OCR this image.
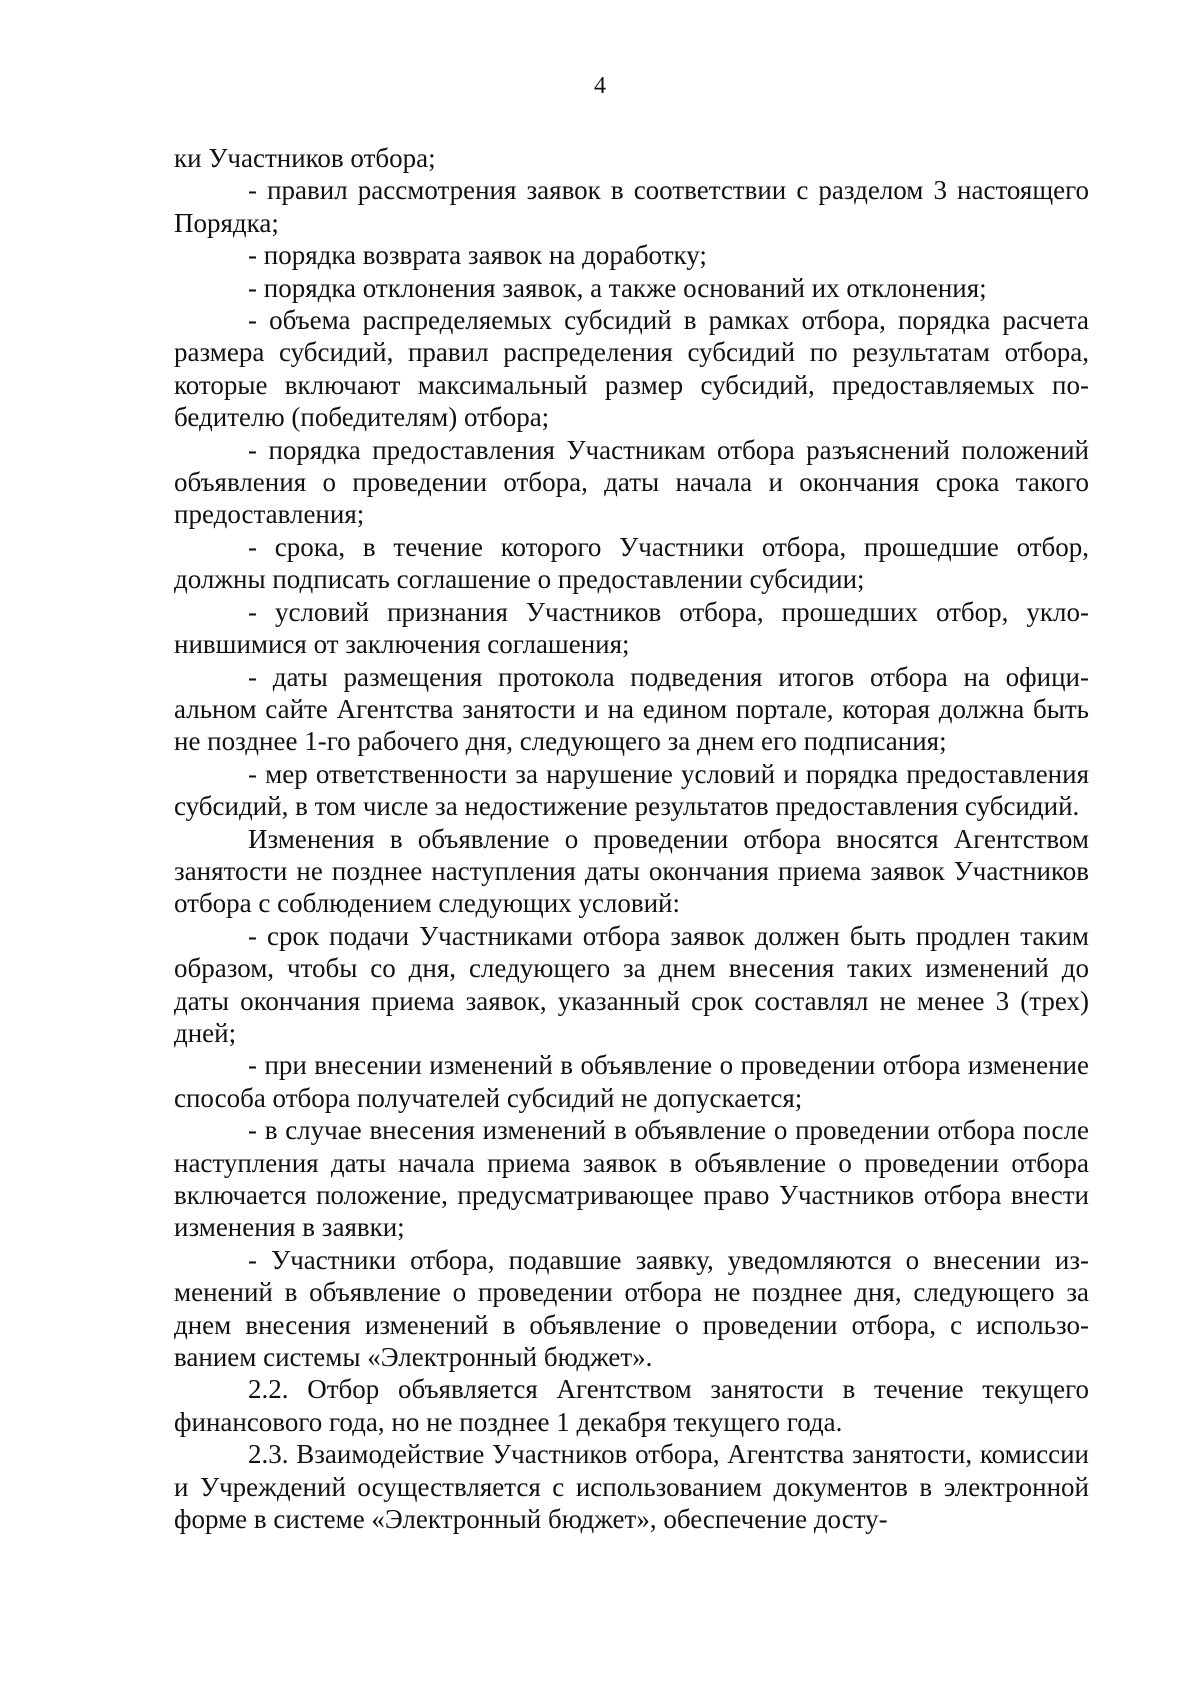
4

ки Участников отбора;

- правил рассмотрения заявок в соответствии с разделом 3 настоящего Порядка;

- порядка возврата заявок на доработку;

- порядка отклонения заявок, а также оснований их отклонения;

- объема распределяемых субсидий в рамках отбора, порядка расчета размера субсидий, правил распределения субсидий по результатам отбора, которые включают максимальный размер субсидий, предоставляемых победителю (победителям) отбора;

- порядка предоставления Участникам отбора разъяснений положений объявления о проведении отбора, даты начала и окончания срока такого предоставления;

- срока, в течение которого Участники отбора, прошедшие отбор, должны подписать соглашение о предоставлении субсидии;

- условий признания Участников отбора, прошедших отбор, уклонившимися от заключения соглашения;

- даты размещения протокола подведения итогов отбора на официальном сайте Агентства занятости и на едином портале, которая должна быть не позднее 1-го рабочего дня, следующего за днем его подписания;

- мер ответственности за нарушение условий и порядка предоставления субсидий, в том числе за недостижение результатов предоставления субсидий.

Изменения в объявление о проведении отбора вносятся Агентством занятости не позднее наступления даты окончания приема заявок Участников отбора с соблюдением следующих условий:

- срок подачи Участниками отбора заявок должен быть продлен таким образом, чтобы со дня, следующего за днем внесения таких изменений до даты окончания приема заявок, указанный срок составлял не менее 3 (трех) дней;

- при внесении изменений в объявление о проведении отбора изменение способа отбора получателей субсидий не допускается;

- в случае внесения изменений в объявление о проведении отбора после наступления даты начала приема заявок в объявление о проведении отбора включается положение, предусматривающее право Участников отбора внести изменения в заявки;

- Участники отбора, подавшие заявку, уведомляются о внесении изменений в объявление о проведении отбора не позднее дня, следующего за днем внесения изменений в объявление о проведении отбора, с использованием системы «Электронный бюджет».

2.2. Отбор объявляется Агентством занятости в течение текущего финансового года, но не позднее 1 декабря текущего года.

2.3. Взаимодействие Участников отбора, Агентства занятости, комиссии и Учреждений осуществляется с использованием документов в электронной форме в системе «Электронный бюджет», обеспечение досту-
